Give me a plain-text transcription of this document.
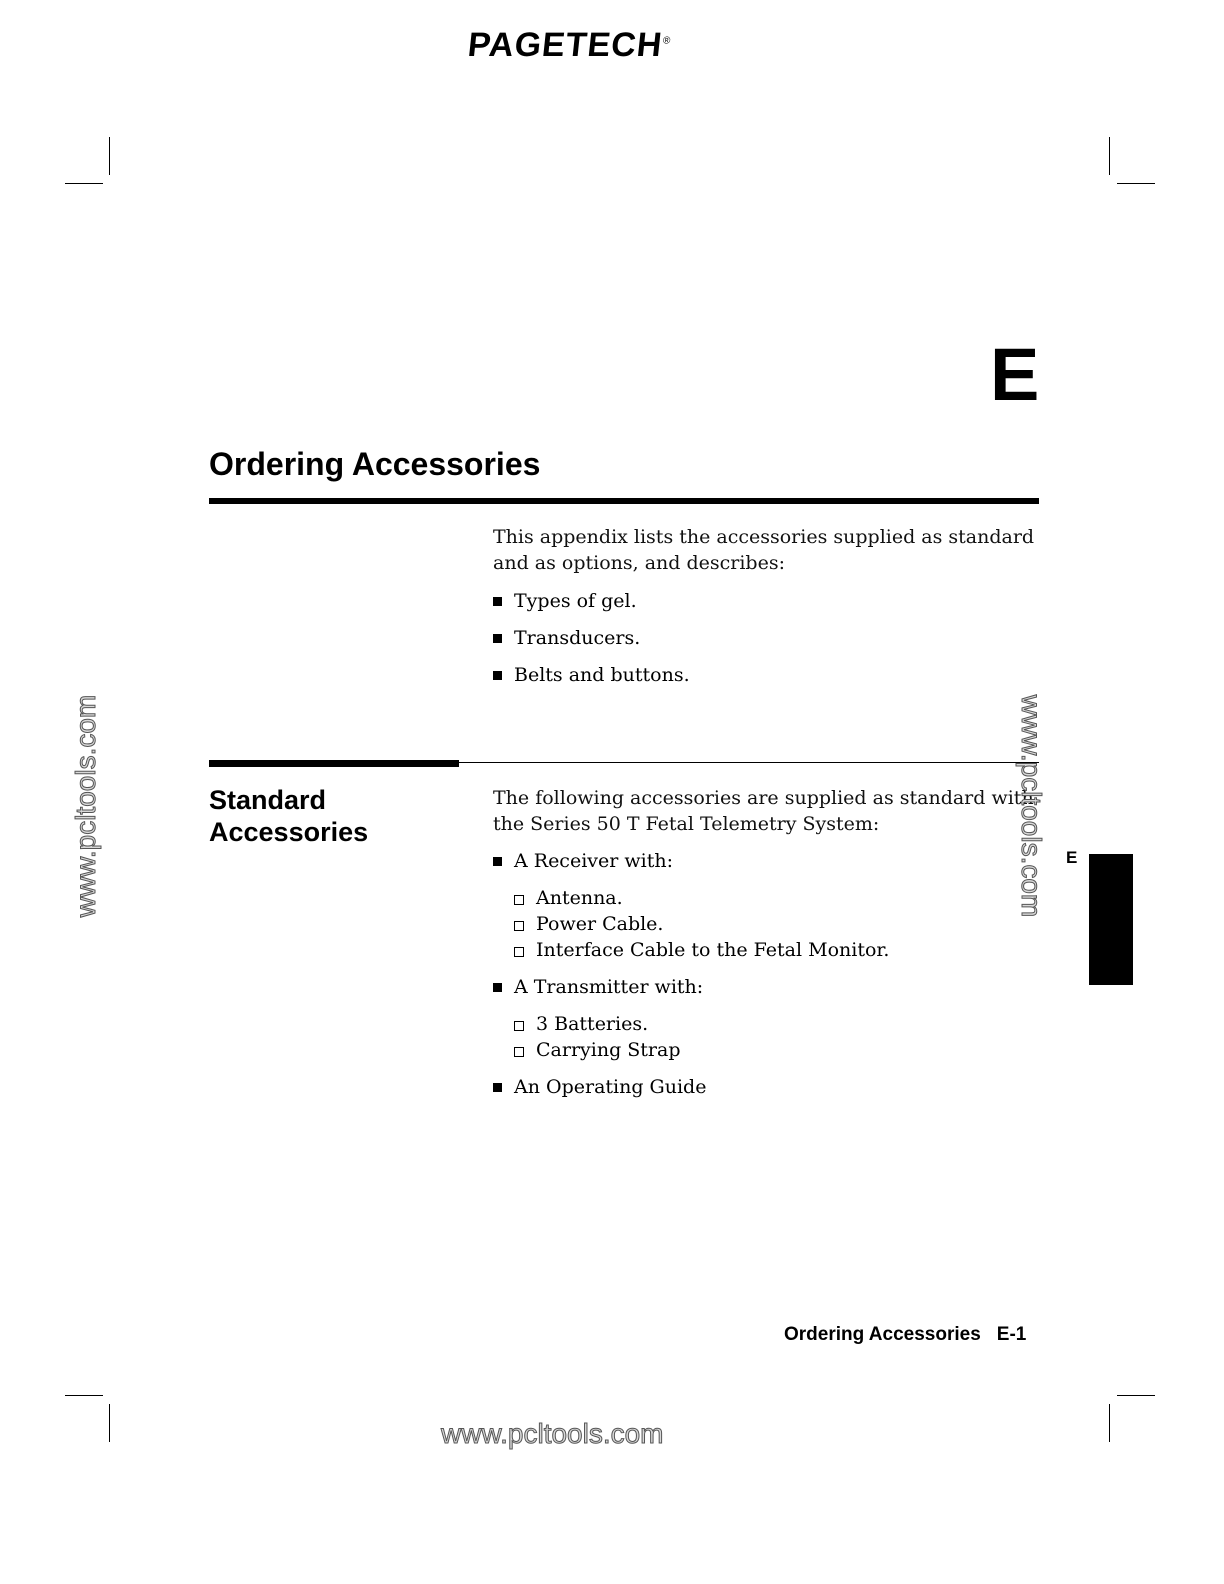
PAGETECH®
E
Ordering Accessories
This appendix lists the accessories supplied as standard and as options, and describes:
Types of gel.
Transducers.
Belts and buttons.
Standard Accessories
The following accessories are supplied as standard with the Series 50 T Fetal Telemetry System:
A Receiver with:
Antenna.
Power Cable.
Interface Cable to the Fetal Monitor.
A Transmitter with:
3 Batteries.
Carrying Strap
An Operating Guide
E
Ordering Accessories E-1
www.pcltools.com	www.pcltools.com
www.pcltools.com
